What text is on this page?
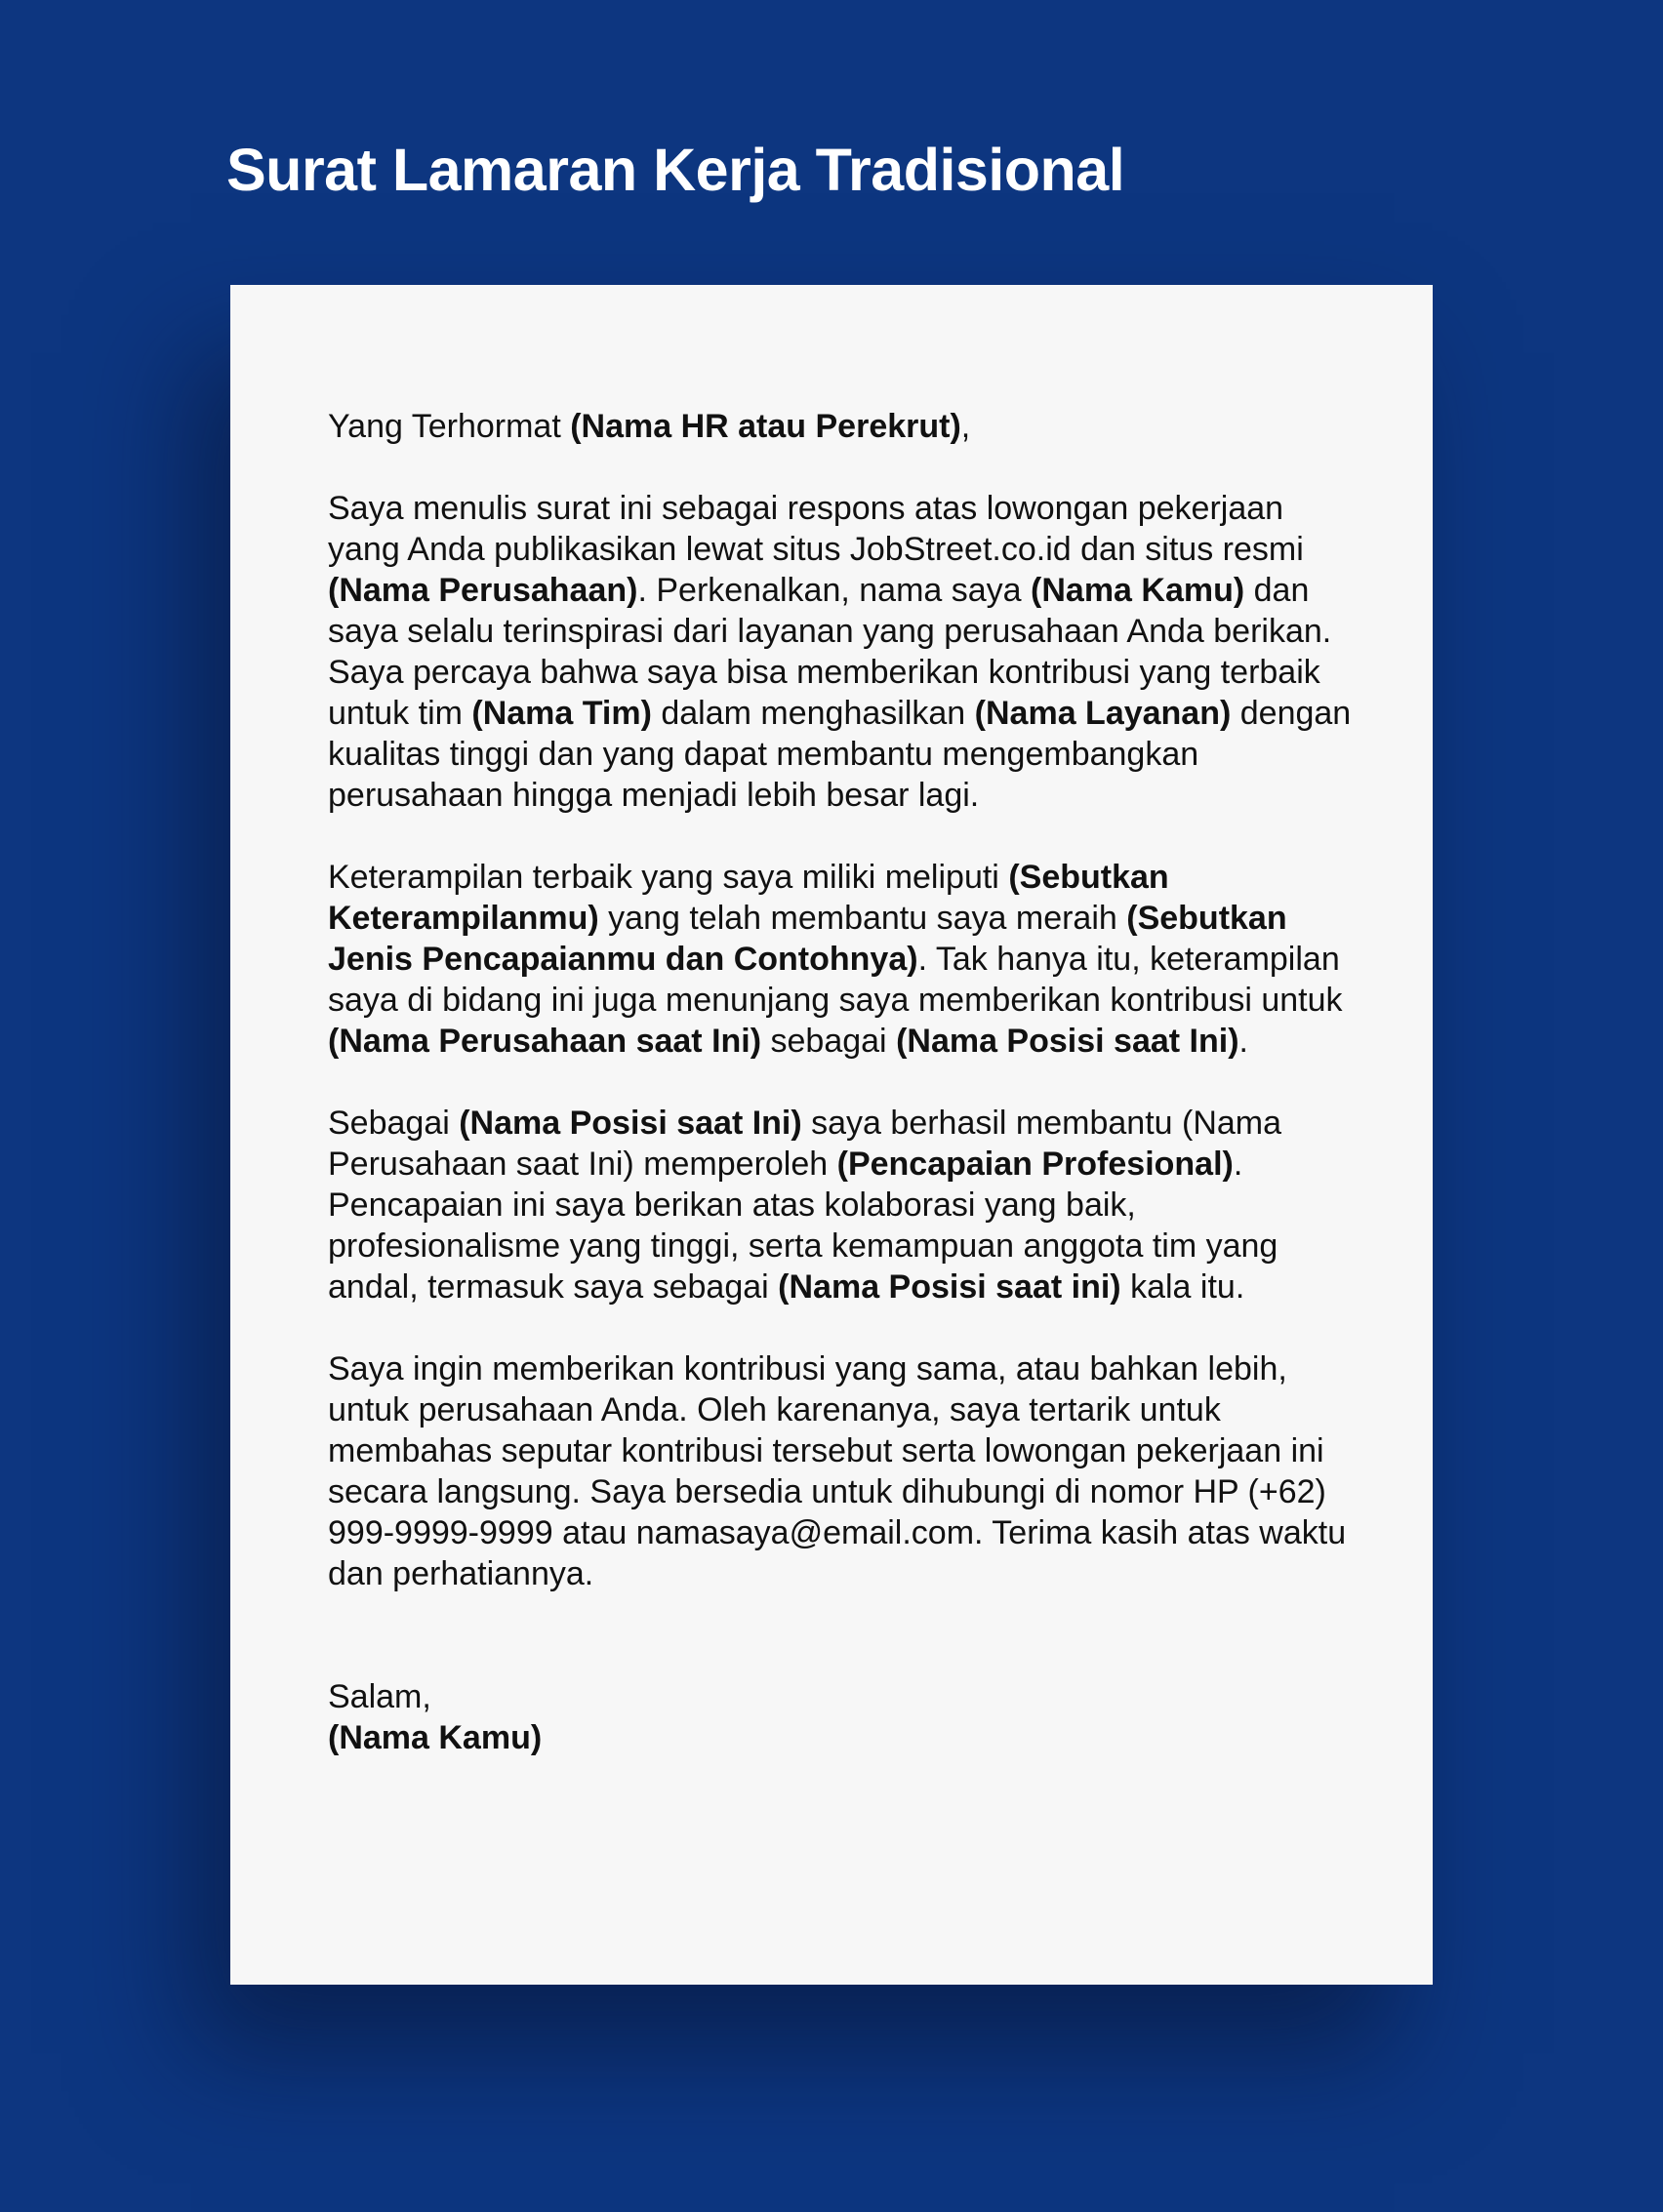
Surat Lamaran Kerja Tradisional

Yang Terhormat (Nama HR atau Perekrut),

Saya menulis surat ini sebagai respons atas lowongan pekerjaan yang Anda publikasikan lewat situs JobStreet.co.id dan situs resmi (Nama Perusahaan). Perkenalkan, nama saya (Nama Kamu) dan saya selalu terinspirasi dari layanan yang perusahaan Anda berikan. Saya percaya bahwa saya bisa memberikan kontribusi yang terbaik untuk tim (Nama Tim) dalam menghasilkan (Nama Layanan) dengan kualitas tinggi dan yang dapat membantu mengembangkan perusahaan hingga menjadi lebih besar lagi.

Keterampilan terbaik yang saya miliki meliputi (Sebutkan Keterampilanmu) yang telah membantu saya meraih (Sebutkan Jenis Pencapaianmu dan Contohnya). Tak hanya itu, keterampilan saya di bidang ini juga menunjang saya memberikan kontribusi untuk (Nama Perusahaan saat Ini) sebagai (Nama Posisi saat Ini).

Sebagai (Nama Posisi saat Ini) saya berhasil membantu (Nama Perusahaan saat Ini) memperoleh (Pencapaian Profesional). Pencapaian ini saya berikan atas kolaborasi yang baik, profesionalisme yang tinggi, serta kemampuan anggota tim yang andal, termasuk saya sebagai (Nama Posisi saat ini) kala itu.

Saya ingin memberikan kontribusi yang sama, atau bahkan lebih, untuk perusahaan Anda. Oleh karenanya, saya tertarik untuk membahas seputar kontribusi tersebut serta lowongan pekerjaan ini secara langsung. Saya bersedia untuk dihubungi di nomor HP (+62) 999-9999-9999 atau namasaya@email.com. Terima kasih atas waktu dan perhatiannya.

Salam,
(Nama Kamu)
